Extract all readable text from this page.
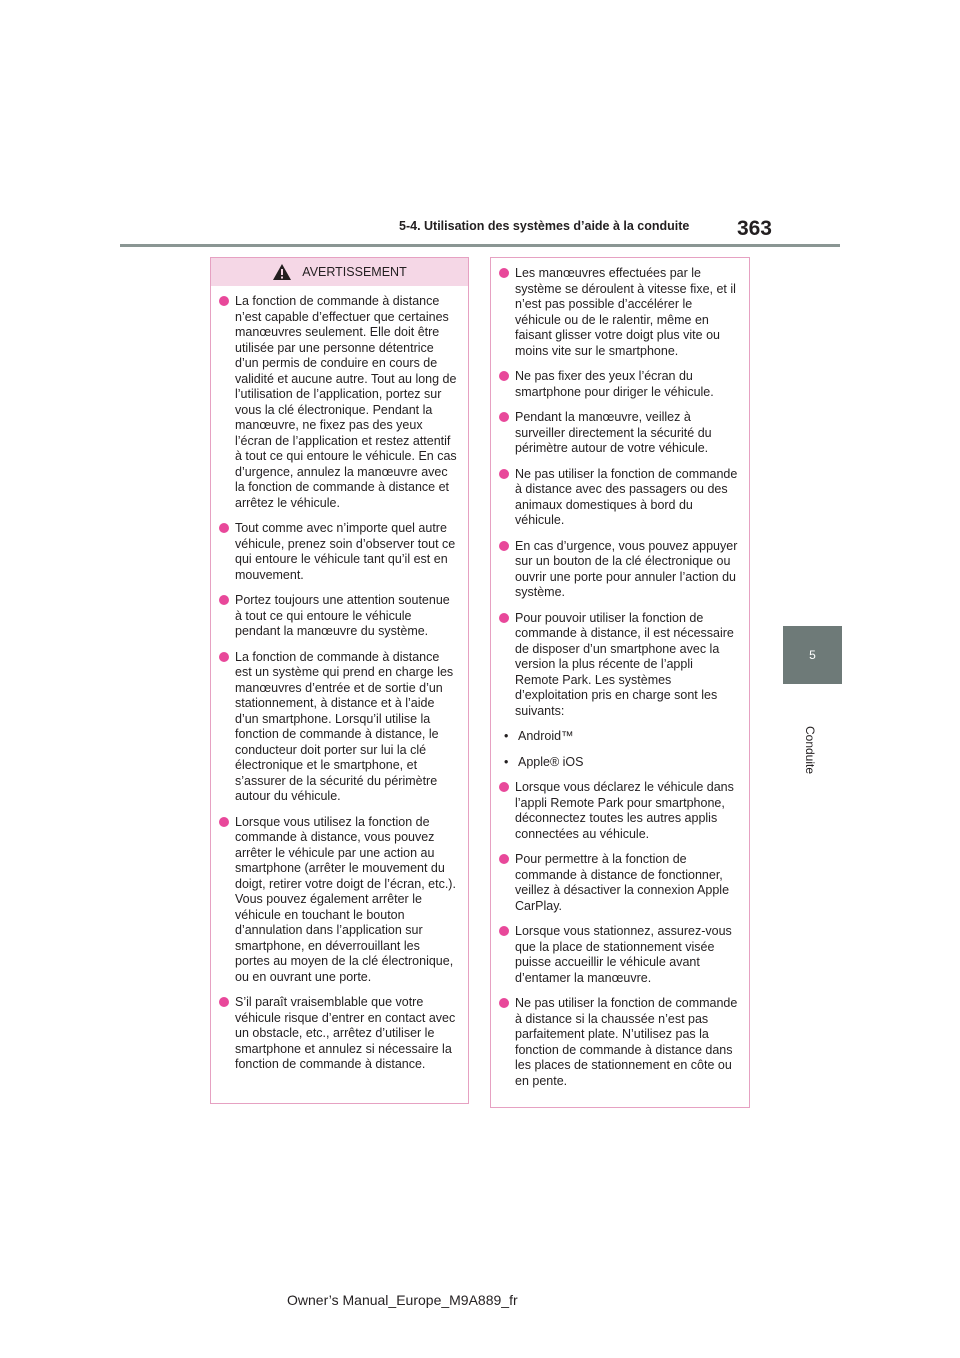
363
5-4. Utilisation des systèmes d’aide à la conduite
5
Conduite
AVERTISSEMENT
La fonction de commande à distance n’est capable d’effectuer que certaines manœuvres seulement. Elle doit être utilisée par une personne détentrice d’un permis de conduire en cours de validité et aucune autre. Tout au long de l’utilisation de l’application, portez sur vous la clé électronique. Pendant la manœuvre, ne fixez pas des yeux l’écran de l’application et restez attentif à tout ce qui entoure le véhicule. En cas d’urgence, annulez la manœuvre avec la fonction de commande à distance et arrêtez le véhicule.
Tout comme avec n’importe quel autre véhicule, prenez soin d’observer tout ce qui entoure le véhicule tant qu’il est en mouvement.
Portez toujours une attention soutenue à tout ce qui entoure le véhicule pendant la manœuvre du système.
La fonction de commande à distance est un système qui prend en charge les manœuvres d’entrée et de sortie d’un stationnement, à distance et à l’aide d’un smartphone. Lorsqu’il utilise la fonction de commande à distance, le conducteur doit porter sur lui la clé électronique et le smartphone, et s’assurer de la sécurité du périmètre autour du véhicule.
Lorsque vous utilisez la fonction de commande à distance, vous pouvez arrêter le véhicule par une action au smartphone (arrêter le mouvement du doigt, retirer votre doigt de l’écran, etc.). Vous pouvez également arrêter le véhicule en touchant le bouton d’annulation dans l’application sur smartphone, en déverrouillant les portes au moyen de la clé électronique, ou en ouvrant une porte.
S’il paraît vraisemblable que votre véhicule risque d’entrer en contact avec un obstacle, etc., arrêtez d’utiliser le smartphone et annulez si nécessaire la fonction de commande à distance.
Les manœuvres effectuées par le système se déroulent à vitesse fixe, et il n’est pas possible d’accélérer le véhicule ou de le ralentir, même en faisant glisser votre doigt plus vite ou moins vite sur le smartphone.
Ne pas fixer des yeux l’écran du smartphone pour diriger le véhicule.
Pendant la manœuvre, veillez à surveiller directement la sécurité du périmètre autour de votre véhicule.
Ne pas utiliser la fonction de commande à distance avec des passagers ou des animaux domestiques à bord du véhicule.
En cas d’urgence, vous pouvez appuyer sur un bouton de la clé électronique ou ouvrir une porte pour annuler l’action du système.
Pour pouvoir utiliser la fonction de commande à distance, il est nécessaire de disposer d’un smartphone avec la version la plus récente de l’appli Remote Park. Les systèmes d’exploitation pris en charge sont les suivants:
• Android™
• Apple® iOS
Lorsque vous déclarez le véhicule dans l’appli Remote Park pour smartphone, déconnectez toutes les autres applis connectées au véhicule.
Pour permettre à la fonction de commande à distance de fonctionner, veillez à désactiver la connexion Apple CarPlay.
Lorsque vous stationnez, assurez-vous que la place de stationnement visée puisse accueillir le véhicule avant d’entamer la manœuvre.
Ne pas utiliser la fonction de commande à distance si la chaussée n’est pas parfaitement plate. N’utilisez pas la fonction de commande à distance dans les places de stationnement en côte ou en pente.
Owner’s Manual_Europe_M9A889_fr
